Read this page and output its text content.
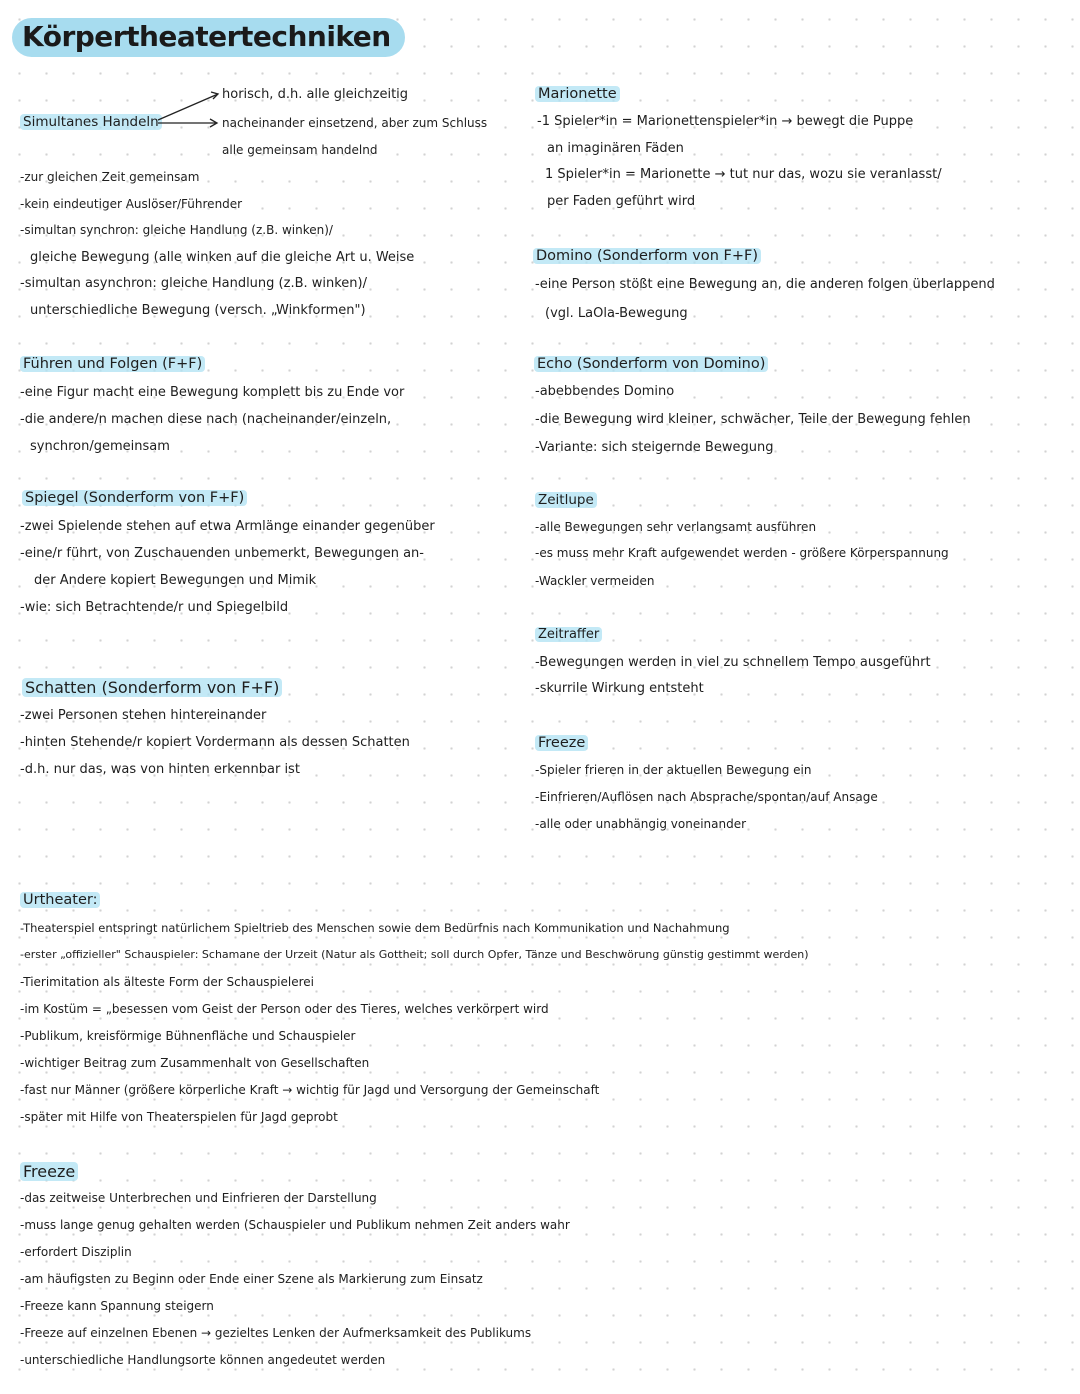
Körpertheatertechniken
Simultanes Handeln
horisch, d.h. alle gleichzeitig
nacheinander einsetzend, aber zum Schluss
alle gemeinsam handelnd
-zur gleichen Zeit gemeinsam
-kein eindeutiger Auslöser/Führender
-simultan synchron: gleiche Handlung (z.B. winken)/
gleiche Bewegung (alle winken auf die gleiche Art u. Weise
-simultan asynchron: gleiche Handlung (z.B. winken)/
unterschiedliche Bewegung (versch. „Winkformen")
Führen und Folgen (F+F)
-eine Figur macht eine Bewegung komplett bis zu Ende vor
-die andere/n machen diese nach (nacheinander/einzeln,
synchron/gemeinsam
Spiegel (Sonderform von F+F)
-zwei Spielende stehen auf etwa Armlänge einander gegenüber
-eine/r führt, von Zuschauenden unbemerkt, Bewegungen an-
der Andere kopiert Bewegungen und Mimik
-wie: sich Betrachtende/r und Spiegelbild
Schatten (Sonderform von F+F)
-zwei Personen stehen hintereinander
-hinten Stehende/r kopiert Vordermann als dessen Schatten
-d.h. nur das, was von hinten erkennbar ist
Marionette
-1 Spieler*in = Marionettenspieler*in → bewegt die Puppe
an imaginären Fäden
1 Spieler*in = Marionette → tut nur das, wozu sie veranlasst/
per Faden geführt wird
Domino (Sonderform von F+F)
-eine Person stößt eine Bewegung an, die anderen folgen überlappend
(vgl. LaOla-Bewegung
Echo (Sonderform von Domino)
-abebbendes Domino
-die Bewegung wird kleiner, schwächer, Teile der Bewegung fehlen
-Variante: sich steigernde Bewegung
Zeitlupe
-alle Bewegungen sehr verlangsamt ausführen
-es muss mehr Kraft aufgewendet werden - größere Körperspannung
-Wackler vermeiden
Zeitraffer
-Bewegungen werden in viel zu schnellem Tempo ausgeführt
-skurrile Wirkung entsteht
Freeze
-Spieler frieren in der aktuellen Bewegung ein
-Einfrieren/Auflösen nach Absprache/spontan/auf Ansage
-alle oder unabhängig voneinander
Urtheater:
-Theaterspiel entspringt natürlichem Spieltrieb des Menschen sowie dem Bedürfnis nach Kommunikation und Nachahmung
-erster „offizieller" Schauspieler: Schamane der Urzeit (Natur als Gottheit; soll durch Opfer, Tänze und Beschwörung günstig gestimmt werden)
-Tierimitation als älteste Form der Schauspielerei
-im Kostüm = „besessen vom Geist der Person oder des Tieres, welches verkörpert wird
-Publikum, kreisförmige Bühnenfläche und Schauspieler
-wichtiger Beitrag zum Zusammenhalt von Gesellschaften
-fast nur Männer (größere körperliche Kraft → wichtig für Jagd und Versorgung der Gemeinschaft
-später mit Hilfe von Theaterspielen für Jagd geprobt
Freeze
-das zeitweise Unterbrechen und Einfrieren der Darstellung
-muss lange genug gehalten werden (Schauspieler und Publikum nehmen Zeit anders wahr
-erfordert Disziplin
-am häufigsten zu Beginn oder Ende einer Szene als Markierung zum Einsatz
-Freeze kann Spannung steigern
-Freeze auf einzelnen Ebenen → gezieltes Lenken der Aufmerksamkeit des Publikums
-unterschiedliche Handlungsorte können angedeutet werden
